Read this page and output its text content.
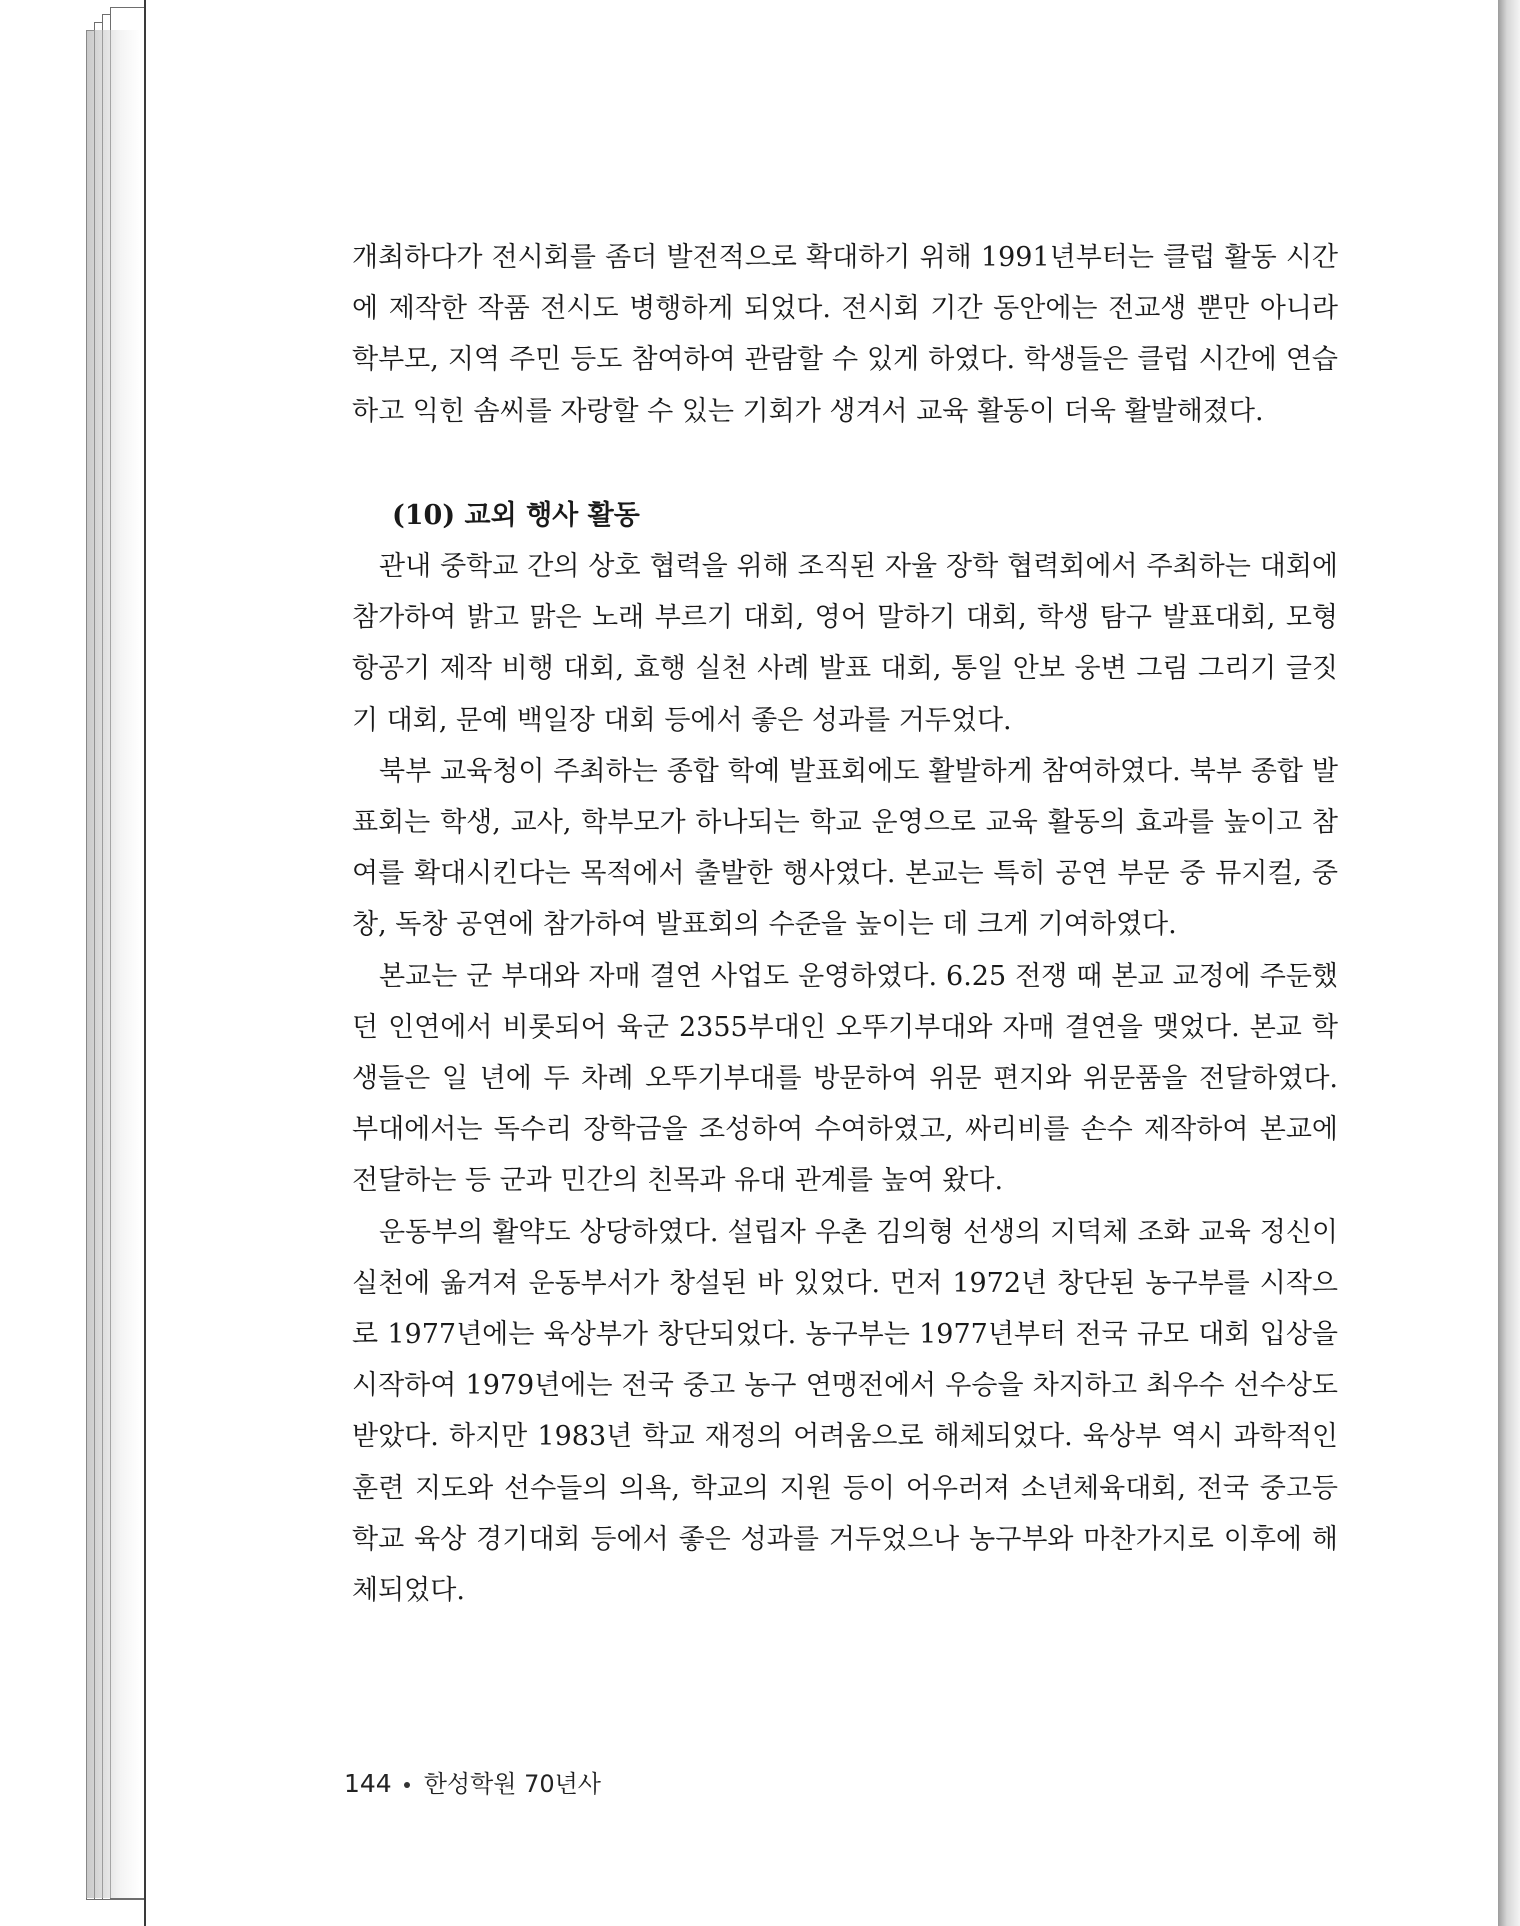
개최하다가 전시회를 좀더 발전적으로 확대하기 위해 1991년부터는 클럽 활동 시간에 제작한 작품 전시도 병행하게 되었다. 전시회 기간 동안에는 전교생 뿐만 아니라 학부모, 지역 주민 등도 참여하여 관람할 수 있게 하였다. 학생들은 클럽 시간에 연습하고 익힌 솜씨를 자랑할 수 있는 기회가 생겨서 교육 활동이 더욱 활발해졌다.

(10) 교외 행사 활동

관내 중학교 간의 상호 협력을 위해 조직된 자율 장학 협력회에서 주최하는 대회에 참가하여 밝고 맑은 노래 부르기 대회, 영어 말하기 대회, 학생 탐구 발표대회, 모형 항공기 제작 비행 대회, 효행 실천 사례 발표 대회, 통일 안보 웅변 그림 그리기 글짓기 대회, 문예 백일장 대회 등에서 좋은 성과를 거두었다.

북부 교육청이 주최하는 종합 학예 발표회에도 활발하게 참여하였다. 북부 종합 발표회는 학생, 교사, 학부모가 하나되는 학교 운영으로 교육 활동의 효과를 높이고 참여를 확대시킨다는 목적에서 출발한 행사였다. 본교는 특히 공연 부문 중 뮤지컬, 중창, 독창 공연에 참가하여 발표회의 수준을 높이는 데 크게 기여하였다.

본교는 군 부대와 자매 결연 사업도 운영하였다. 6.25 전쟁 때 본교 교정에 주둔했던 인연에서 비롯되어 육군 2355부대인 오뚜기부대와 자매 결연을 맺었다. 본교 학생들은 일 년에 두 차례 오뚜기부대를 방문하여 위문 편지와 위문품을 전달하였다. 부대에서는 독수리 장학금을 조성하여 수여하였고, 싸리비를 손수 제작하여 본교에 전달하는 등 군과 민간의 친목과 유대 관계를 높여 왔다.

운동부의 활약도 상당하였다. 설립자 우촌 김의형 선생의 지덕체 조화 교육 정신이 실천에 옮겨져 운동부서가 창설된 바 있었다. 먼저 1972년 창단된 농구부를 시작으로 1977년에는 육상부가 창단되었다. 농구부는 1977년부터 전국 규모 대회 입상을 시작하여 1979년에는 전국 중고 농구 연맹전에서 우승을 차지하고 최우수 선수상도 받았다. 하지만 1983년 학교 재정의 어려움으로 해체되었다. 육상부 역시 과학적인 훈련 지도와 선수들의 의욕, 학교의 지원 등이 어우러져 소년체육대회, 전국 중고등학교 육상 경기대회 등에서 좋은 성과를 거두었으나 농구부와 마찬가지로 이후에 해체되었다.

144 한성학원 70년사
